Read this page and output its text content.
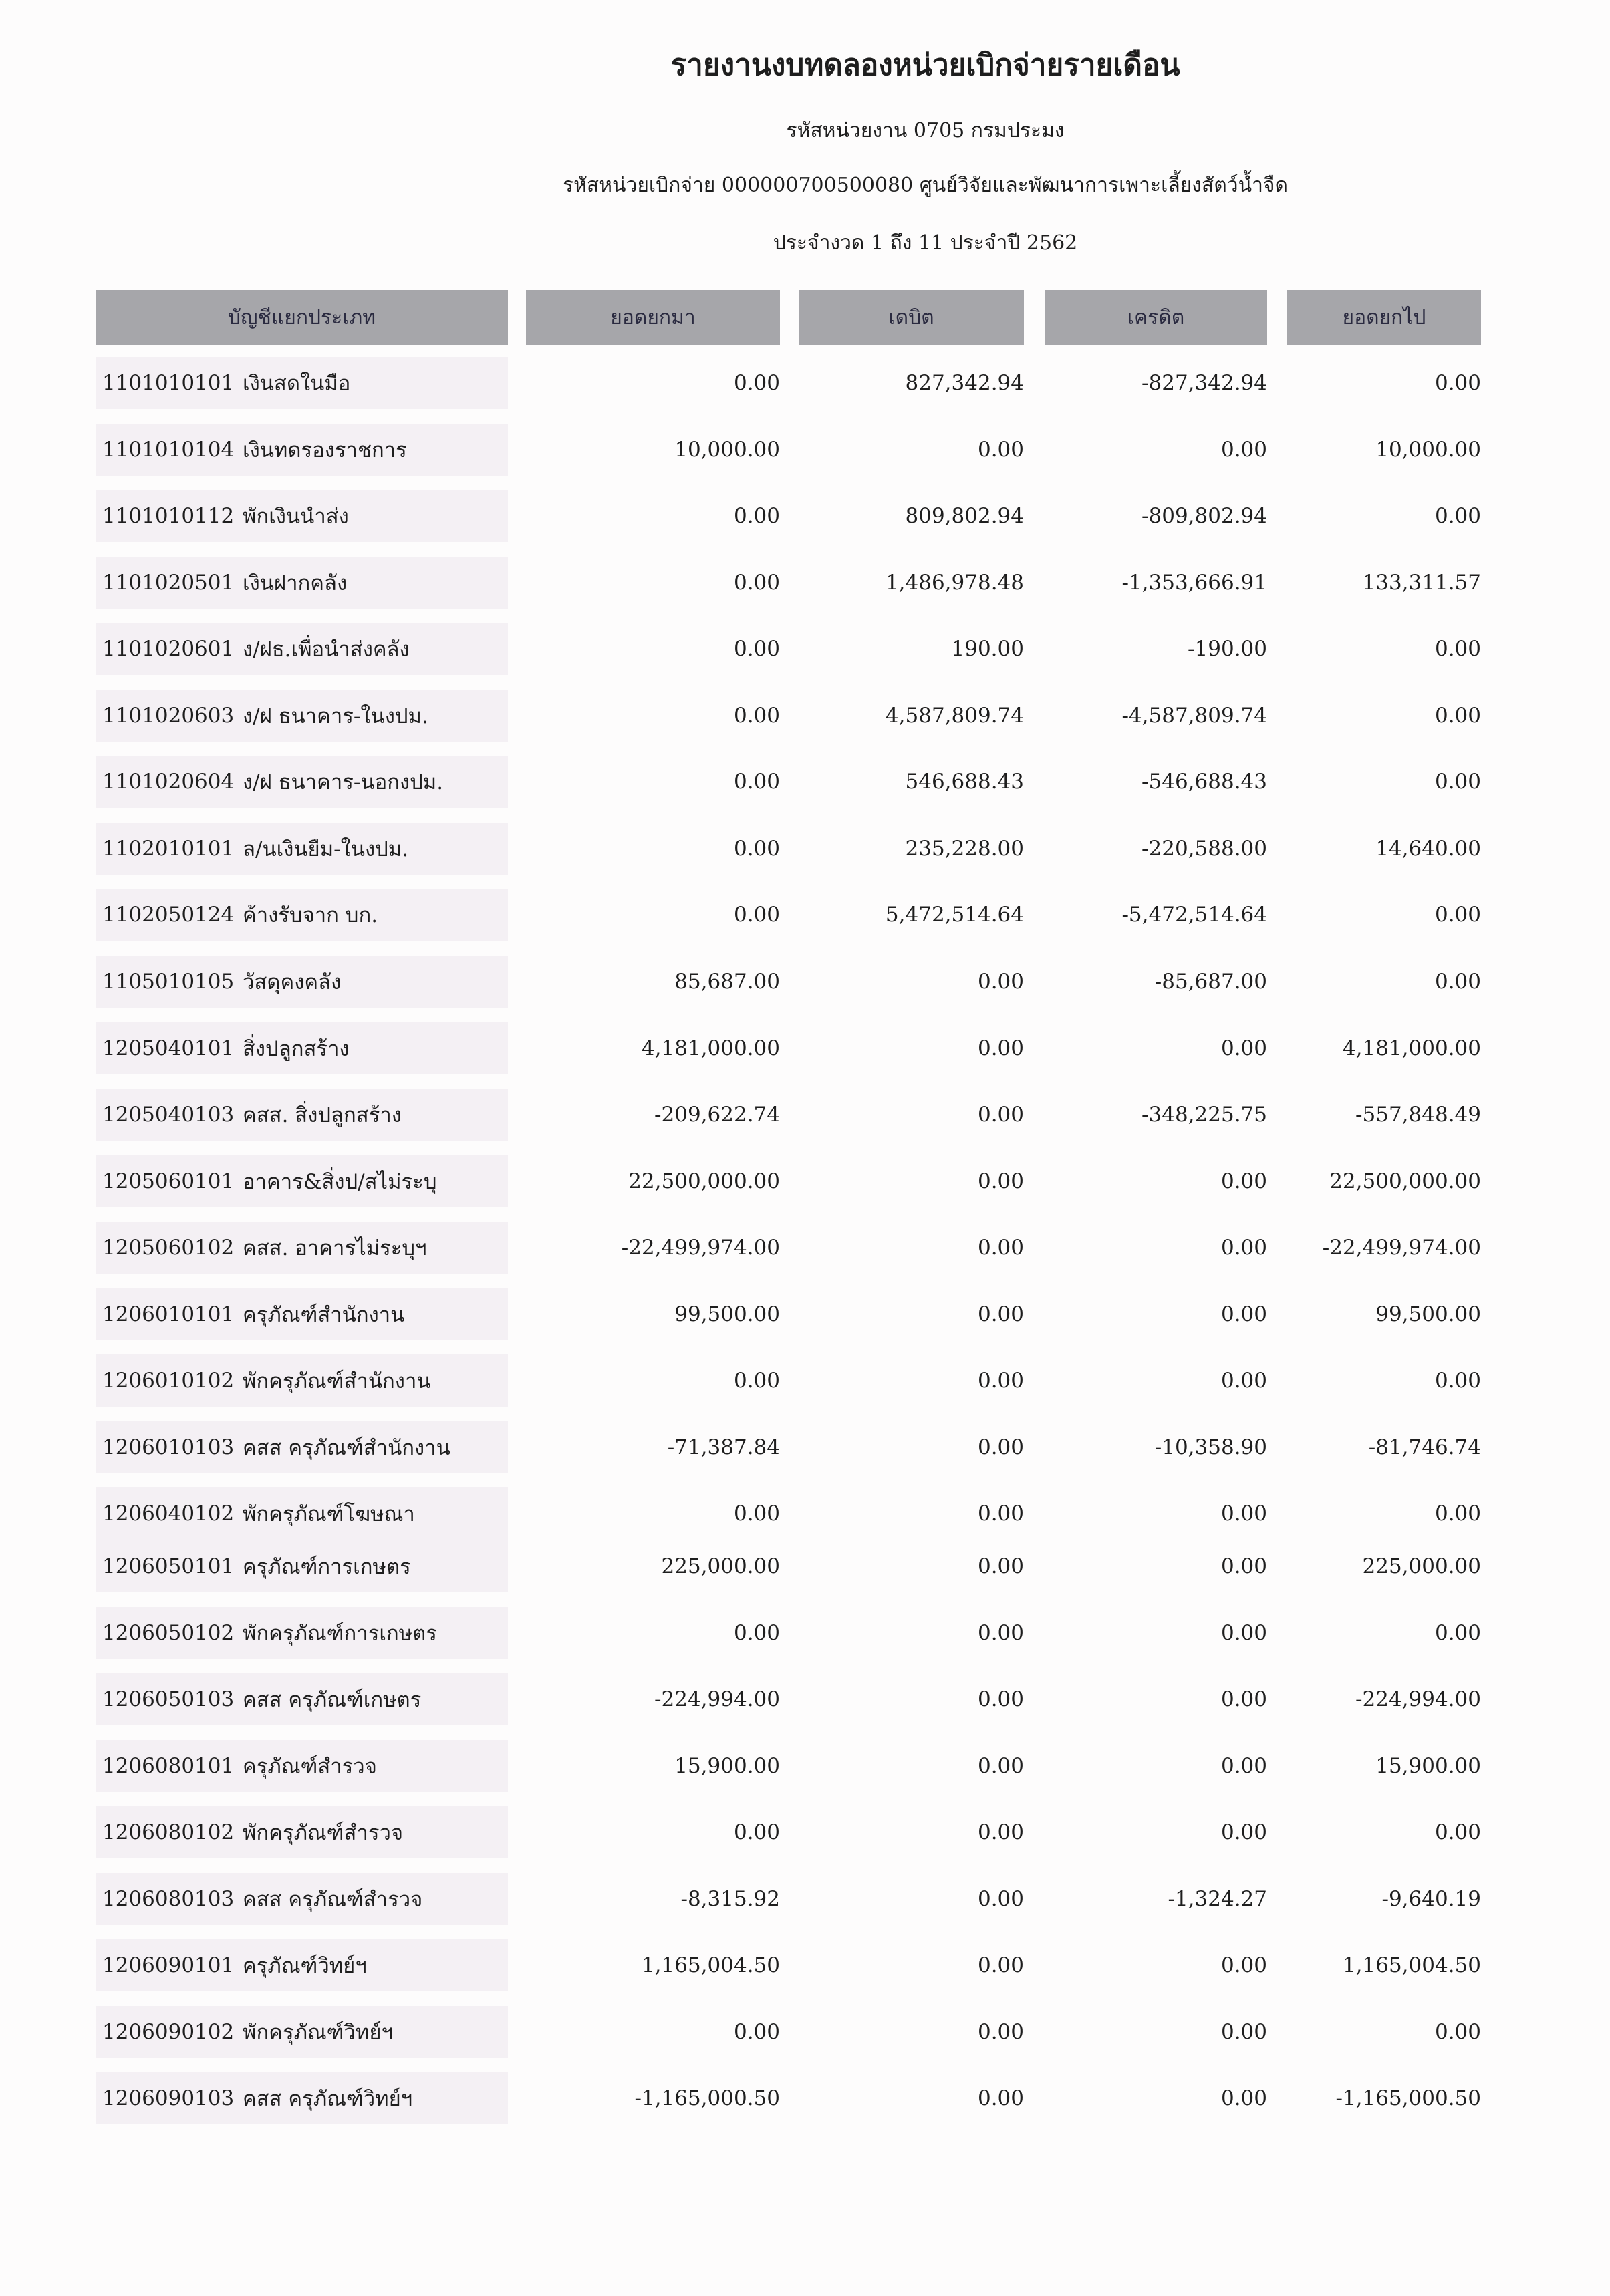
รายงานงบทดลองหน่วยเบิกจ่ายรายเดือน
รหัสหน่วยงาน 0705 กรมประมง
รหัสหน่วยเบิกจ่าย 000000700500080 ศูนย์วิจัยและพัฒนาการเพาะเลี้ยงสัตว์น้ำจืด
ประจำงวด 1 ถึง 11 ประจำปี 2562
บัญชีแยกประเภท	ยอดยกมา	เดบิต	เครดิต	ยอดยกไป
1101010101 เงินสดในมือ	0.00	827,342.94	-827,342.94	0.00
1101010104 เงินทดรองราชการ	10,000.00	0.00	0.00	10,000.00
1101010112 พักเงินนำส่ง	0.00	809,802.94	-809,802.94	0.00
1101020501 เงินฝากคลัง	0.00	1,486,978.48	-1,353,666.91	133,311.57
1101020601 ง/ฝธ.เพื่อนำส่งคลัง	0.00	190.00	-190.00	0.00
1101020603 ง/ฝ ธนาคาร-ในงปม.	0.00	4,587,809.74	-4,587,809.74	0.00
1101020604 ง/ฝ ธนาคาร-นอกงปม.	0.00	546,688.43	-546,688.43	0.00
1102010101 ล/นเงินยืม-ในงปม.	0.00	235,228.00	-220,588.00	14,640.00
1102050124 ค้างรับจาก บก.	0.00	5,472,514.64	-5,472,514.64	0.00
1105010105 วัสดุคงคลัง	85,687.00	0.00	-85,687.00	0.00
1205040101 สิ่งปลูกสร้าง	4,181,000.00	0.00	0.00	4,181,000.00
1205040103 คสส. สิ่งปลูกสร้าง	-209,622.74	0.00	-348,225.75	-557,848.49
1205060101 อาคาร&สิ่งป/สไม่ระบุ	22,500,000.00	0.00	0.00	22,500,000.00
1205060102 คสส. อาคารไม่ระบุฯ	-22,499,974.00	0.00	0.00	-22,499,974.00
1206010101 ครุภัณฑ์สำนักงาน	99,500.00	0.00	0.00	99,500.00
1206010102 พักครุภัณฑ์สำนักงาน	0.00	0.00	0.00	0.00
1206010103 คสส ครุภัณฑ์สำนักงาน	-71,387.84	0.00	-10,358.90	-81,746.74
1206040102 พักครุภัณฑ์โฆษณา	0.00	0.00	0.00	0.00
1206050101 ครุภัณฑ์การเกษตร	225,000.00	0.00	0.00	225,000.00
1206050102 พักครุภัณฑ์การเกษตร	0.00	0.00	0.00	0.00
1206050103 คสส ครุภัณฑ์เกษตร	-224,994.00	0.00	0.00	-224,994.00
1206080101 ครุภัณฑ์สำรวจ	15,900.00	0.00	0.00	15,900.00
1206080102 พักครุภัณฑ์สำรวจ	0.00	0.00	0.00	0.00
1206080103 คสส ครุภัณฑ์สำรวจ	-8,315.92	0.00	-1,324.27	-9,640.19
1206090101 ครุภัณฑ์วิทย์ฯ	1,165,004.50	0.00	0.00	1,165,004.50
1206090102 พักครุภัณฑ์วิทย์ฯ	0.00	0.00	0.00	0.00
1206090103 คสส ครุภัณฑ์วิทย์ฯ	-1,165,000.50	0.00	0.00	-1,165,000.50
